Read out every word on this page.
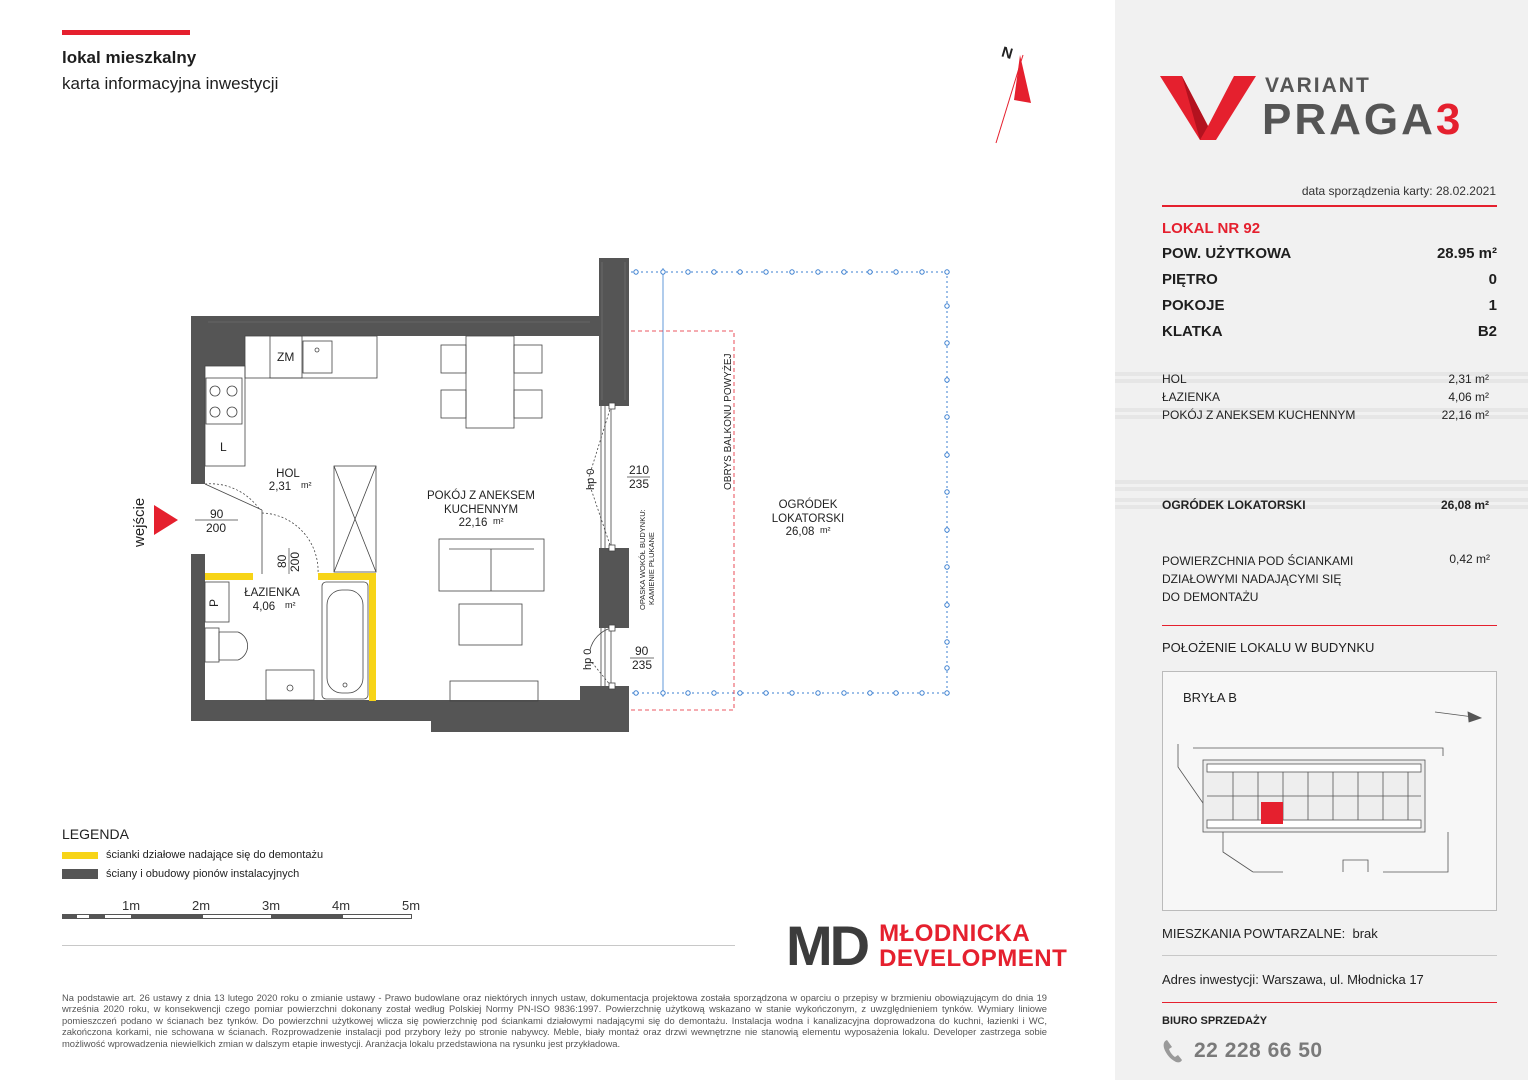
lokal mieszkalny
karta informacyjna inwestycji
N
OBRYS BALKONU POWYŻEJ
OPASKA WOKÓŁ BUDYNKU: KAMIENIE PŁUKANE
hp 0	210
235
hp 0	90
235
90
200
wejście
80 200
ZM
L
P
HOL
2,31
POKÓJ Z ANEKSEM
KUCHENNYM
22,16
ŁAZIENKA
4,06
OGRÓDEK
LOKATORSKI
26,08
m²
m²
m²
m²
LEGENDA
ścianki działowe nadające się do demontażu
ściany i obudowy pionów instalacyjnych
1m	2m	3m	4m	5m
MD MŁODNICKA
DEVELOPMENT
Na podstawie art. 26 ustawy z dnia 13 lutego 2020 roku o zmianie ustawy - Prawo budowlane oraz niektórych innych ustaw, dokumentacja projektowa została sporządzona w oparciu o przepisy w brzmieniu obowiązującym do dnia 19 września 2020 roku, w konsekwencji czego pomiar powierzchni dokonany został według Polskiej Normy PN-ISO 9836:1997. Powierzchnię użytkową wskazano w stanie wykończonym, z uwzględnieniem tynków. Wymiary liniowe pomieszczeń podano w ścianach bez tynków. Do powierzchni użytkowej wlicza się powierzchnię pod ściankami działowymi nadającymi się do demontażu. Instalacja wodna i kanalizacyjna doprowadzona do kuchni, łazienki i WC, zakończona korkami, nie schowana w ścianach. Rozprowadzenie instalacji pod przybory leży po stronie nabywcy. Meble, biały montaż oraz drzwi wewnętrzne nie stanowią elementu wyposażenia lokalu. Developer zastrzega sobie możliwość wprowadzenia niewielkich zmian w dalszym etapie inwestycji. Aranżacja lokalu przedstawiona na rysunku jest przykładowa.
VARIANT
PRAGA3
data sporządzenia karty: 28.02.2021
LOKAL NR 92
POW. UŻYTKOWA	28.95 m²
PIĘTRO	0
POKOJE	1
KLATKA	B2
HOL	2,31 m²
ŁAZIENKA	4,06 m²
POKÓJ Z ANEKSEM KUCHENNYM	22,16 m²
OGRÓDEK LOKATORSKI	26,08 m²
POWIERZCHNIA POD ŚCIANKAMI
DZIAŁOWYMI NADAJĄCYMI SIĘ
DO DEMONTAŻU
0,42 m²
POŁOŻENIE LOKALU W BUDYNKU
BRYŁA B
MIESZKANIA POWTARZALNE: brak
Adres inwestycji: Warszawa, ul. Młodnicka 17
BIURO SPRZEDAŻY
22 228 66 50
